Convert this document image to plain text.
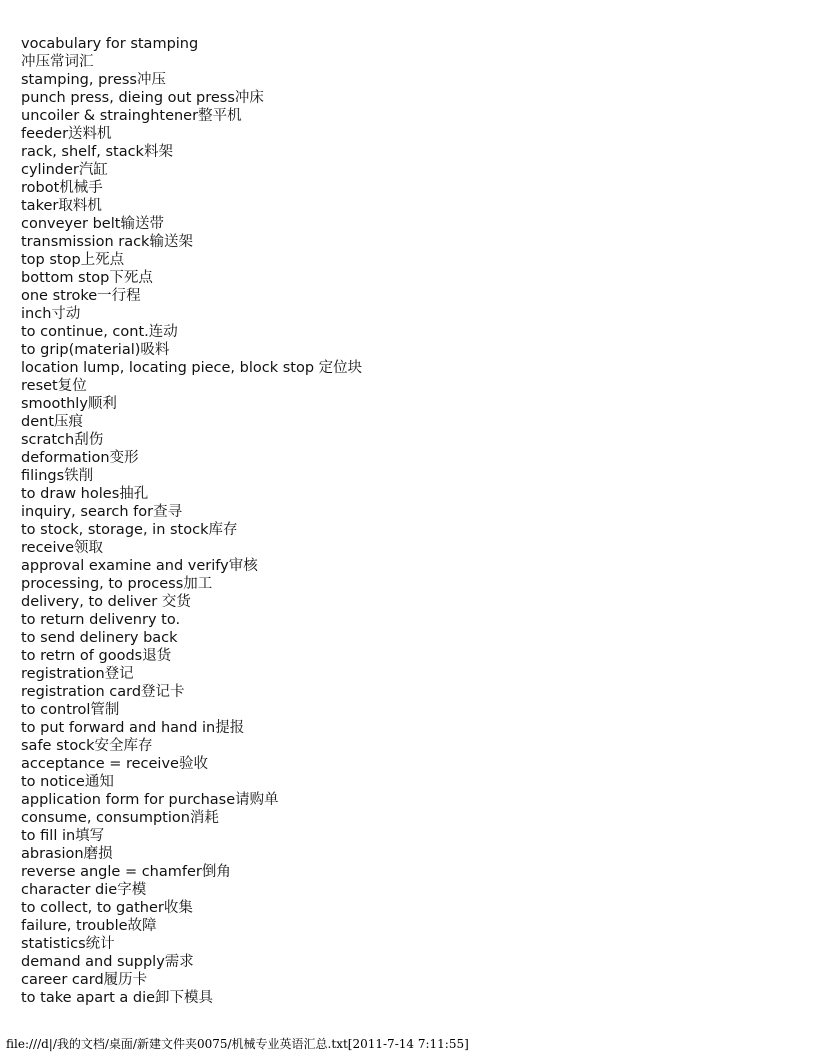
vocabulary for stamping
冲压常词汇
stamping, press冲压
punch press, dieing out press冲床
uncoiler & strainghtener整平机
feeder送料机
rack, shelf, stack料架
cylinder汽缸
robot机械手
taker取料机
conveyer belt输送带
transmission rack输送架
top stop上死点
bottom stop下死点
one stroke一行程
inch寸动
to continue, cont.连动
to grip(material)吸料
location lump, locating piece, block stop 定位块
reset复位
smoothly顺利
dent压痕
scratch刮伤
deformation变形
filings铁削
to draw holes抽孔
inquiry, search for查寻
to stock, storage, in stock库存
receive领取
approval examine and verify审核
processing, to process加工
delivery, to deliver 交货
to return delivenry to.
to send delinery back
to retrn of goods退货
registration登记
registration card登记卡
to control管制
to put forward and hand in提报
safe stock安全库存
acceptance = receive验收
to notice通知
application form for purchase请购单
consume, consumption消耗
to fill in填写
abrasion磨损
reverse angle = chamfer倒角
character die字模
to collect, to gather收集
failure, trouble故障
statistics统计
demand and supply需求
career card履历卡
to take apart a die卸下模具
file:///d|/我的文档/桌面/新建文件夹0075/机械专业英语汇总.txt[2011-7-14 7:11:55]
